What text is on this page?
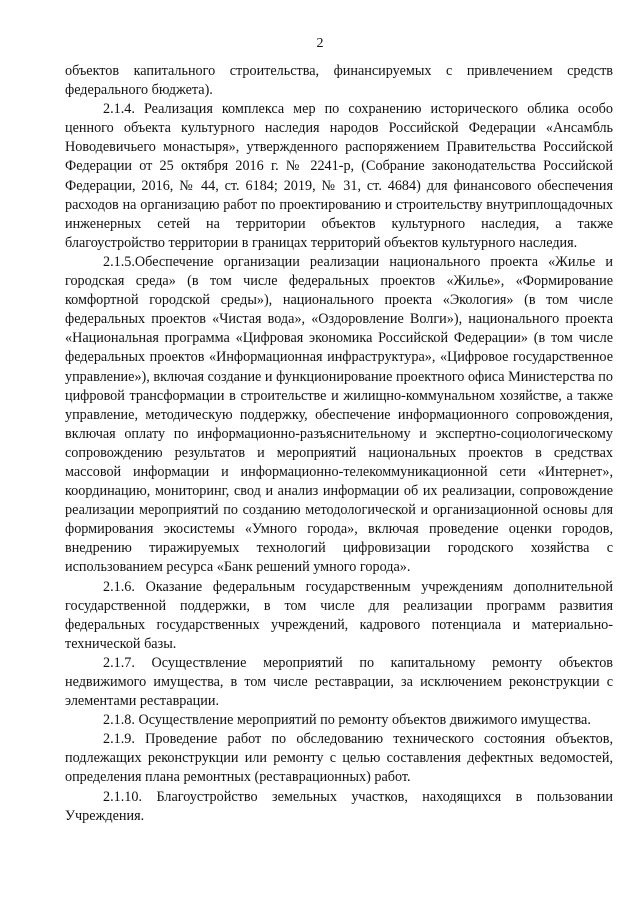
2

объектов капитального строительства, финансируемых с привлечением средств федерального бюджета).

2.1.4. Реализация комплекса мер по сохранению исторического облика особо ценного объекта культурного наследия народов Российской Федерации «Ансамбль Новодевичьего монастыря», утвержденного распоряжением Правительства Российской Федерации от 25 октября 2016 г. № 2241-р, (Собрание законодательства Российской Федерации, 2016, № 44, ст. 6184; 2019, № 31, ст. 4684) для финансового обеспечения расходов на организацию работ по проектированию и строительству внутриплощадочных инженерных сетей на территории объектов культурного наследия, а также благоустройство территории в границах территорий объектов культурного наследия.

2.1.5.Обеспечение организации реализации национального проекта «Жилье и городская среда» (в том числе федеральных проектов «Жилье», «Формирование комфортной городской среды»), национального проекта «Экология» (в том числе федеральных проектов «Чистая вода», «Оздоровление Волги»), национального проекта «Национальная программа «Цифровая экономика Российской Федерации» (в том числе федеральных проектов «Информационная инфраструктура», «Цифровое государственное управление»), включая создание и функционирование проектного офиса Министерства по цифровой трансформации в строительстве и жилищно-коммунальном хозяйстве, а также управление, методическую поддержку, обеспечение информационного сопровождения, включая оплату по информационно-разъяснительному и экспертно-социологическому сопровождению результатов и мероприятий национальных проектов в средствах массовой информации и информационно-телекоммуникационной сети «Интернет», координацию, мониторинг, свод и анализ информации об их реализации, сопровождение реализации мероприятий по созданию методологической и организационной основы для формирования экосистемы «Умного города», включая проведение оценки городов, внедрению тиражируемых технологий цифровизации городского хозяйства с использованием ресурса «Банк решений умного города».

2.1.6. Оказание федеральным государственным учреждениям дополнительной государственной поддержки, в том числе для реализации программ развития федеральных государственных учреждений, кадрового потенциала и материально-технической базы.

2.1.7. Осуществление мероприятий по капитальному ремонту объектов недвижимого имущества, в том числе реставрации, за исключением реконструкции с элементами реставрации.

2.1.8. Осуществление мероприятий по ремонту объектов движимого имущества.

2.1.9. Проведение работ по обследованию технического состояния объектов, подлежащих реконструкции или ремонту с целью составления дефектных ведомостей, определения плана ремонтных (реставрационных) работ.

2.1.10. Благоустройство земельных участков, находящихся в пользовании Учреждения.
